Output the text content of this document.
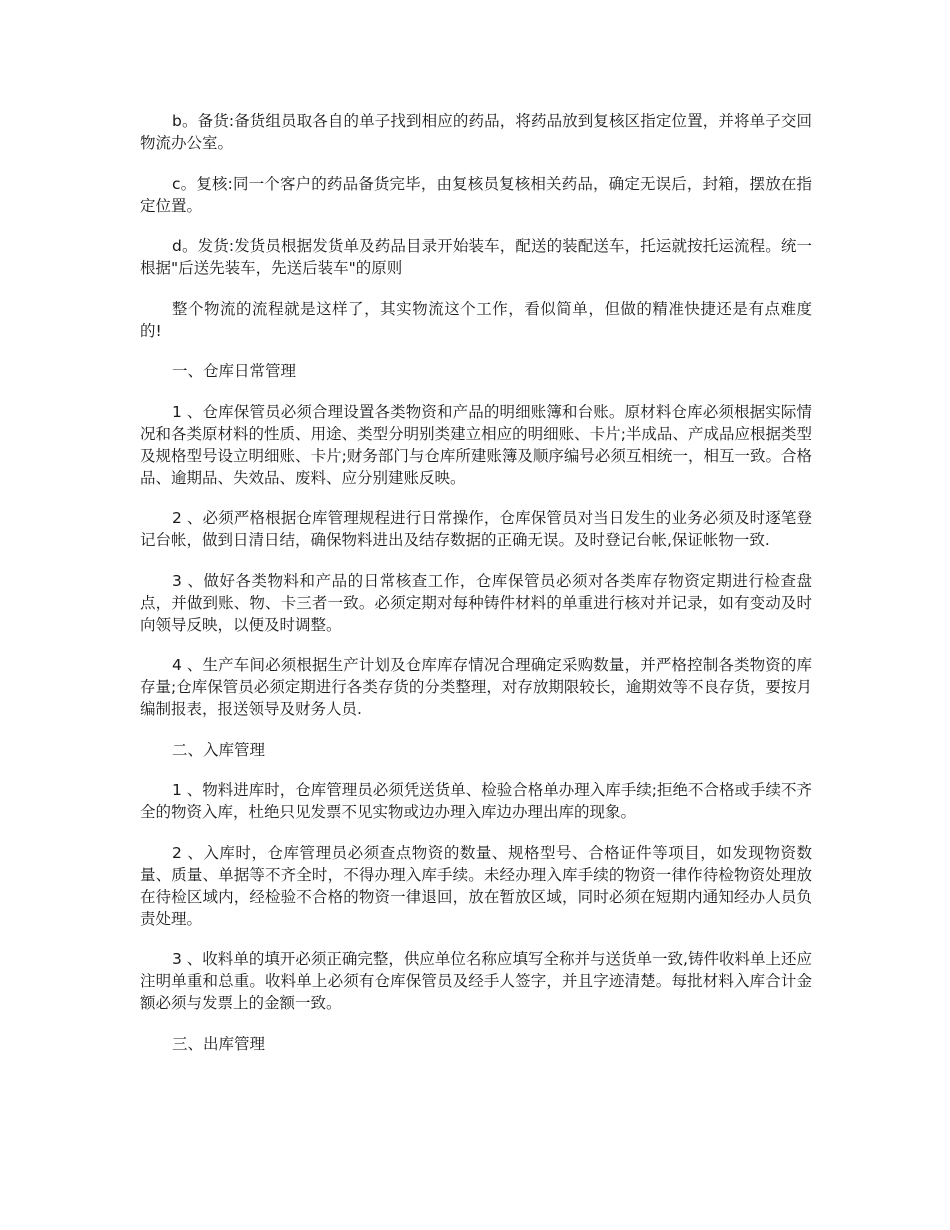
b。备货:备货组员取各自的单子找到相应的药品，将药品放到复核区指定位置，并将单子交回物流办公室。

c。复核:同一个客户的药品备货完毕，由复核员复核相关药品，确定无误后，封箱，摆放在指定位置。

d。发货:发货员根据发货单及药品目录开始装车，配送的装配送车，托运就按托运流程。统一根据"后送先装车，先送后装车"的原则

整个物流的流程就是这样了，其实物流这个工作，看似简单，但做的精准快捷还是有点难度的!

一、仓库日常管理

1 、仓库保管员必须合理设置各类物资和产品的明细账簿和台账。原材料仓库必须根据实际情况和各类原材料的性质、用途、类型分明别类建立相应的明细账、卡片;半成品、产成品应根据类型及规格型号设立明细账、卡片;财务部门与仓库所建账簿及顺序编号必须互相统一，相互一致。合格品、逾期品、失效品、废料、应分别建账反映。

2 、必须严格根据仓库管理规程进行日常操作，仓库保管员对当日发生的业务必须及时逐笔登记台帐，做到日清日结，确保物料进出及结存数据的正确无误。及时登记台帐,保证帐物一致.

3 、做好各类物料和产品的日常核查工作，仓库保管员必须对各类库存物资定期进行检查盘点，并做到账、物、卡三者一致。必须定期对每种铸件材料的单重进行核对并记录，如有变动及时向领导反映，以便及时调整。

4 、生产车间必须根据生产计划及仓库库存情况合理确定采购数量，并严格控制各类物资的库存量;仓库保管员必须定期进行各类存货的分类整理，对存放期限较长，逾期效等不良存货，要按月编制报表，报送领导及财务人员.

二、入库管理

1 、物料进库时，仓库管理员必须凭送货单、检验合格单办理入库手续;拒绝不合格或手续不齐全的物资入库，杜绝只见发票不见实物或边办理入库边办理出库的现象。

2 、入库时，仓库管理员必须查点物资的数量、规格型号、合格证件等项目，如发现物资数量、质量、单据等不齐全时，不得办理入库手续。未经办理入库手续的物资一律作待检物资处理放在待检区域内，经检验不合格的物资一律退回，放在暂放区域，同时必须在短期内通知经办人员负责处理。

3 、收料单的填开必须正确完整，供应单位名称应填写全称并与送货单一致,铸件收料单上还应注明单重和总重。收料单上必须有仓库保管员及经手人签字，并且字迹清楚。每批材料入库合计金额必须与发票上的金额一致。

三、出库管理
